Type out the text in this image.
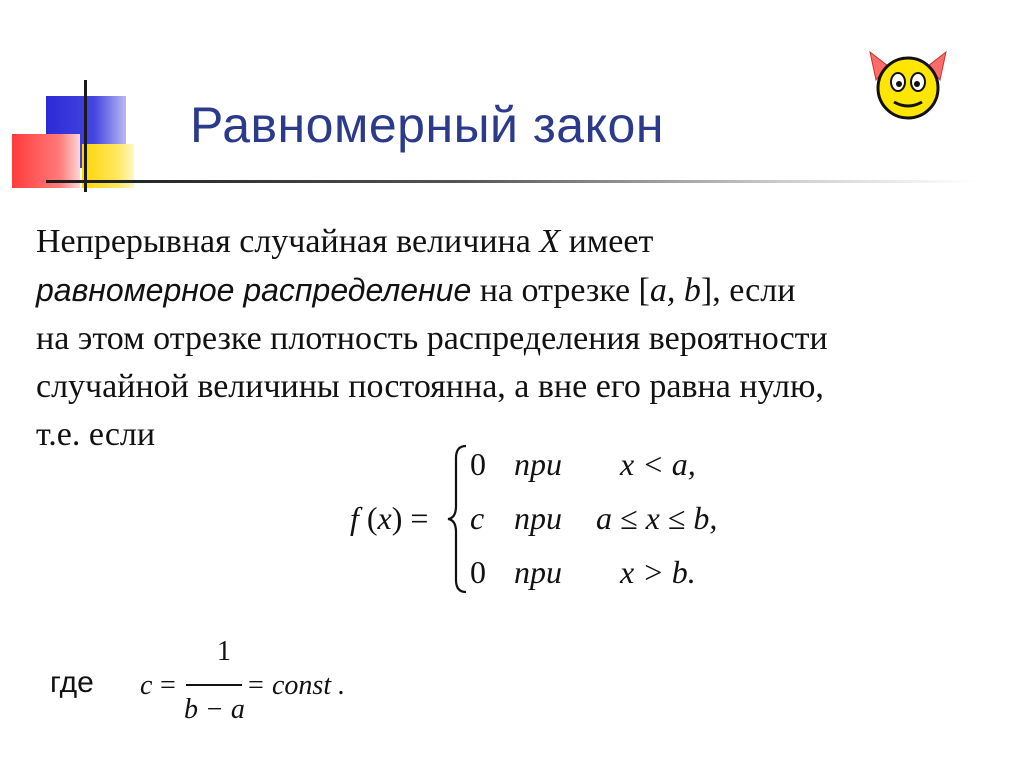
Равномерный закон
Непрерывная случайная величина X имеет
равномерное распределение на отрезке [a, b], если
на этом отрезке плотность распределения вероятности
случайной величины постоянна, а вне его равна нулю,
т.е. если
f (x) =
0 при x < a,
c при a ≤ x ≤ b,
0 при x > b.
где c =
1
b − a
= const .
